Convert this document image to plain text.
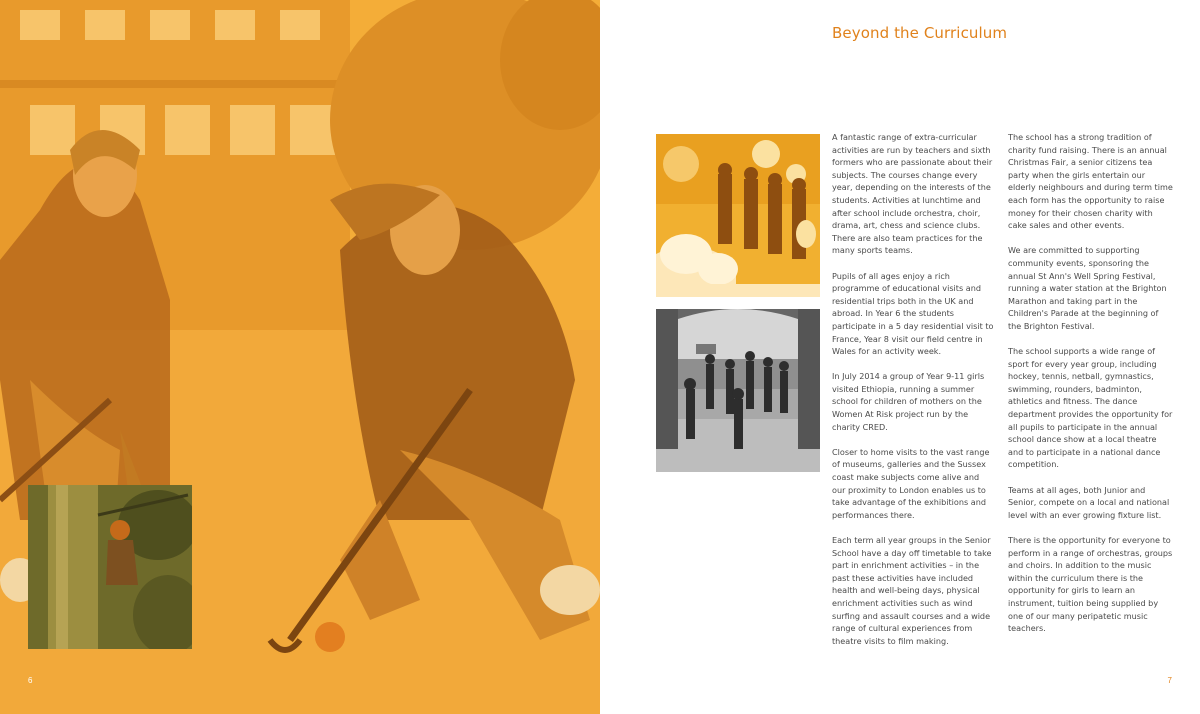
6
Beyond the Curriculum

A fantastic range of extra-curricular activities are run by teachers and sixth formers who are passionate about their subjects. The courses change every year, depending on the interests of the students. Activities at lunchtime and after school include orchestra, choir, drama, art, chess and science clubs. There are also team practices for the many sports teams.

Pupils of all ages enjoy a rich programme of educational visits and residential trips both in the UK and abroad. In Year 6 the students participate in a 5 day residential visit to France, Year 8 visit our field centre in Wales for an activity week.

In July 2014 a group of Year 9-11 girls visited Ethiopia, running a summer school for children of mothers on the Women At Risk project run by the charity CRED.

Closer to home visits to the vast range of museums, galleries and the Sussex coast make subjects come alive and our proximity to London enables us to take advantage of the exhibitions and performances there.

Each term all year groups in the Senior School have a day off timetable to take part in enrichment activities – in the past these activities have included health and well-being days, physical enrichment activities such as wind surfing and assault courses and a wide range of cultural experiences from theatre visits to film making.

The school has a strong tradition of charity fund raising. There is an annual Christmas Fair, a senior citizens tea party when the girls entertain our elderly neighbours and during term time each form has the opportunity to raise money for their chosen charity with cake sales and other events.

We are committed to supporting community events, sponsoring the annual St Ann's Well Spring Festival, running a water station at the Brighton Marathon and taking part in the Children's Parade at the beginning of the Brighton Festival.

The school supports a wide range of sport for every year group, including hockey, tennis, netball, gymnastics, swimming, rounders, badminton, athletics and fitness. The dance department provides the opportunity for all pupils to participate in the annual school dance show at a local theatre and to participate in a national dance competition.

Teams at all ages, both Junior and Senior, compete on a local and national level with an ever growing fixture list.

There is the opportunity for everyone to perform in a range of orchestras, groups and choirs. In addition to the music within the curriculum there is the opportunity for girls to learn an instrument, tuition being supplied by one of our many peripatetic music teachers.

7
